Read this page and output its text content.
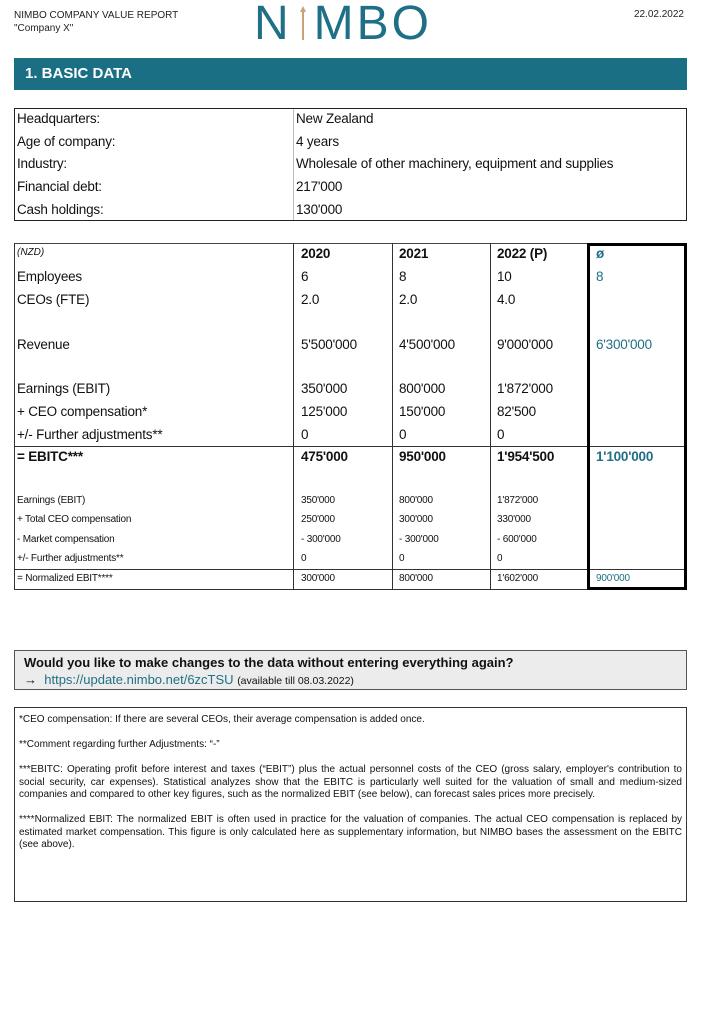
NIMBO COMPANY VALUE REPORT
"Company X"	N MBO	22.02.2022
1. BASIC DATA
Headquarters:	New Zealand
Age of company:	4 years
Industry:	Wholesale of other machinery, equipment and supplies
Financial debt:	217'000
Cash holdings:	130'000
(NZD)	2020	2021	2022 (P)	ø
Employees	6	8	10	8
CEOs (FTE)	2.0	2.0	4.0
Revenue	5'500'000	4'500'000	9'000'000	6'300'000
Earnings (EBIT)	350'000	800'000	1'872'000
+ CEO compensation*	125'000	150'000	82'500
+/- Further adjustments**	0	0	0
= EBITC***	475'000	950'000	1'954'500	1'100'000
Earnings (EBIT)	350'000	800'000	1'872'000
+ Total CEO compensation	250'000	300'000	330'000
- Market compensation	- 300'000	- 300'000	- 600'000
+/- Further adjustments**	0	0	0
= Normalized EBIT****	300'000	800'000	1'602'000	900'000
Would you like to make changes to the data without entering everything again?
→ https://update.nimbo.net/6zcTSU (available till 08.03.2022)

*CEO compensation: If there are several CEOs, their average compensation is added once.

**Comment regarding further Adjustments: “-”

***EBITC: Operating profit before interest and taxes (“EBIT”) plus the actual personnel costs of the CEO (gross salary, employer's contribution to social security, car expenses). Statistical analyzes show that the EBITC is particularly well suited for the valuation of small and medium-sized companies and compared to other key figures, such as the normalized EBIT (see below), can forecast sales prices more precisely.

****Normalized EBIT: The normalized EBIT is often used in practice for the valuation of companies. The actual CEO compensation is replaced by estimated market compensation. This figure is only calculated here as supplementary information, but NIMBO bases the assessment on the EBITC (see above).
